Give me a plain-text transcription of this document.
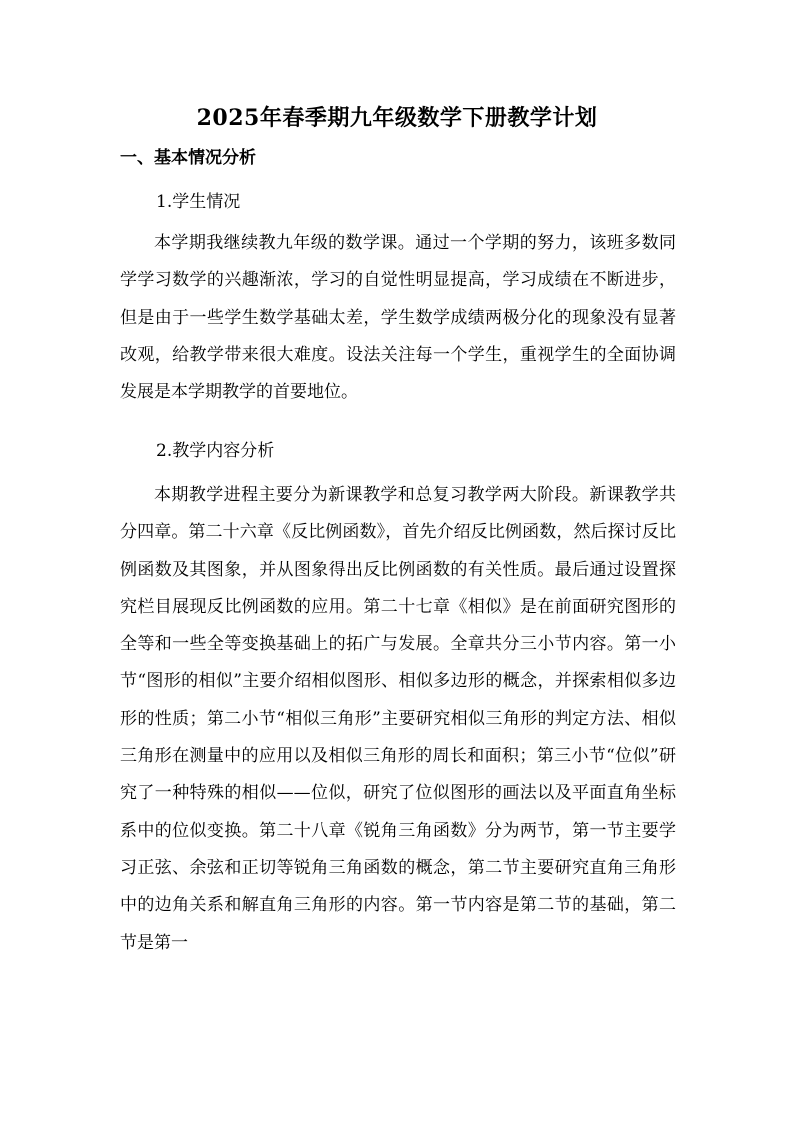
2025年春季期九年级数学下册教学计划
一、基本情况分析
1.学生情况
本学期我继续教九年级的数学课。通过一个学期的努力，该班多数同学学习数学的兴趣渐浓，学习的自觉性明显提高，学习成绩在不断进步，但是由于一些学生数学基础太差，学生数学成绩两极分化的现象没有显著改观，给教学带来很大难度。设法关注每一个学生，重视学生的全面协调发展是本学期教学的首要地位。
2.教学内容分析
本期教学进程主要分为新课教学和总复习教学两大阶段。新课教学共分四章。第二十六章《反比例函数》，首先介绍反比例函数，然后探讨反比例函数及其图象，并从图象得出反比例函数的有关性质。最后通过设置探究栏目展现反比例函数的应用。第二十七章《相似》是在前面研究图形的全等和一些全等变换基础上的拓广与发展。全章共分三小节内容。第一小节“图形的相似”主要介绍相似图形、相似多边形的概念，并探索相似多边形的性质；第二小节“相似三角形”主要研究相似三角形的判定方法、相似三角形在测量中的应用以及相似三角形的周长和面积；第三小节“位似”研究了一种特殊的相似——位似，研究了位似图形的画法以及平面直角坐标系中的位似变换。第二十八章《锐角三角函数》分为两节，第一节主要学习正弦、余弦和正切等锐角三角函数的概念，第二节主要研究直角三角形中的边角关系和解直角三角形的内容。第一节内容是第二节的基础，第二节是第一
